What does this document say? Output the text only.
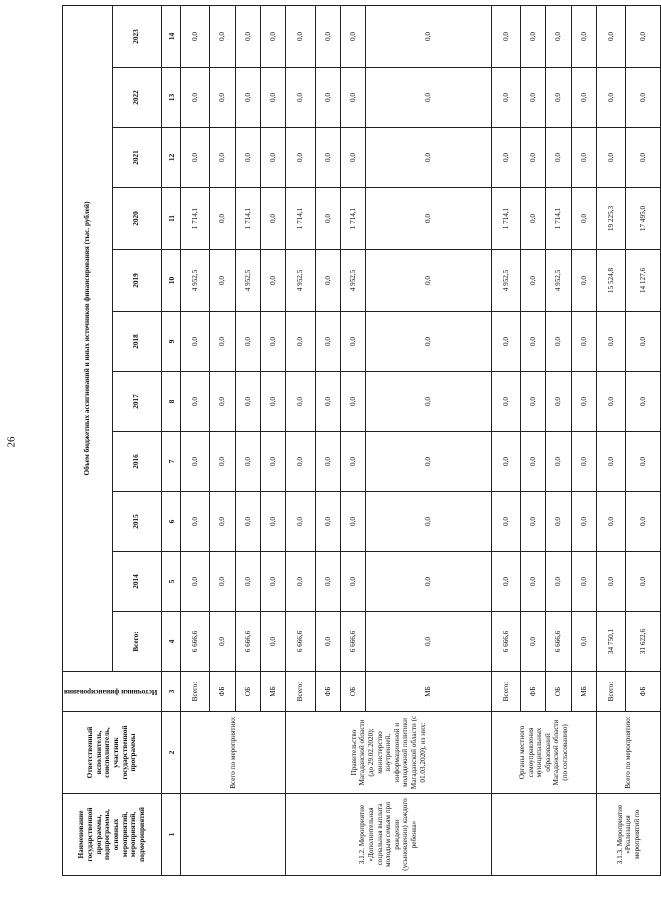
26
Наименование государственной программы, подпрограммы, основных мероприятий, мероприятий, подмероприятий	Ответственный исполнитель, соисполнитель, участник государственной программы	Источники финансирования	Объем бюджетных ассигнований и иных источников финансирования (тыс. рублей)										
			Всего:	2014	2015	2016	2017	2018	2019	2020	2021	2022	2023
1	2	3	4	5	6	7	8	9	10	11	12	13	14
	Всего по мероприятию:	Всего:	6 666,6	0,0	0,0	0,0	0,0	0,0	4 952,5	1 714,1	0,0	0,0	0,0
		ФБ	0,0	0,0	0,0	0,0	0,0	0,0	0,0	0,0	0,0	0,0	0,0
		ОБ	6 666,6	0,0	0,0	0,0	0,0	0,0	4 952,5	1 714,1	0,0	0,0	0,0
		МБ	0,0	0,0	0,0	0,0	0,0	0,0	0,0	0,0	0,0	0,0	0,0
3.1.2. Мероприятие «Дополнительная социальная выплата молодым семьям при рождении (усыновлении) каждого ребенка»	Правительство Магаданской области (до 29.02.2020); министерство внутренней, информационной и молодежной политики Магаданской области (с 01.03.2020), из них:	Всего:	6 666,6	0,0	0,0	0,0	0,0	0,0	4 952,5	1 714,1	0,0	0,0	0,0
		ФБ	0,0	0,0	0,0	0,0	0,0	0,0	0,0	0,0	0,0	0,0	0,0
		ОБ	6 666,6	0,0	0,0	0,0	0,0	0,0	4 952,5	1 714,1	0,0	0,0	0,0
		МБ	0,0	0,0	0,0	0,0	0,0	0,0	0,0	0,0	0,0	0,0	0,0
	Органы местного самоуправления муниципальных образований Магаданской области (по согласованию)	Всего:	6 666,6	0,0	0,0	0,0	0,0	0,0	4 952,5	1 714,1	0,0	0,0	0,0
		ФБ	0,0	0,0	0,0	0,0	0,0	0,0	0,0	0,0	0,0	0,0	0,0
		ОБ	6 666,6	0,0	0,0	0,0	0,0	0,0	4 952,5	1 714,1	0,0	0,0	0,0
		МБ	0,0	0,0	0,0	0,0	0,0	0,0	0,0	0,0	0,0	0,0	0,0
3.1.3. Мероприятие «Реализация мероприятий по	Всего по мероприятию:	Всего:	34 750,1	0,0	0,0	0,0	0,0	0,0	15 524,8	19 225,3	0,0	0,0	0,0
		ФБ	31 622,6	0,0	0,0	0,0	0,0	0,0	14 127,6	17 495,0	0,0	0,0	0,0
